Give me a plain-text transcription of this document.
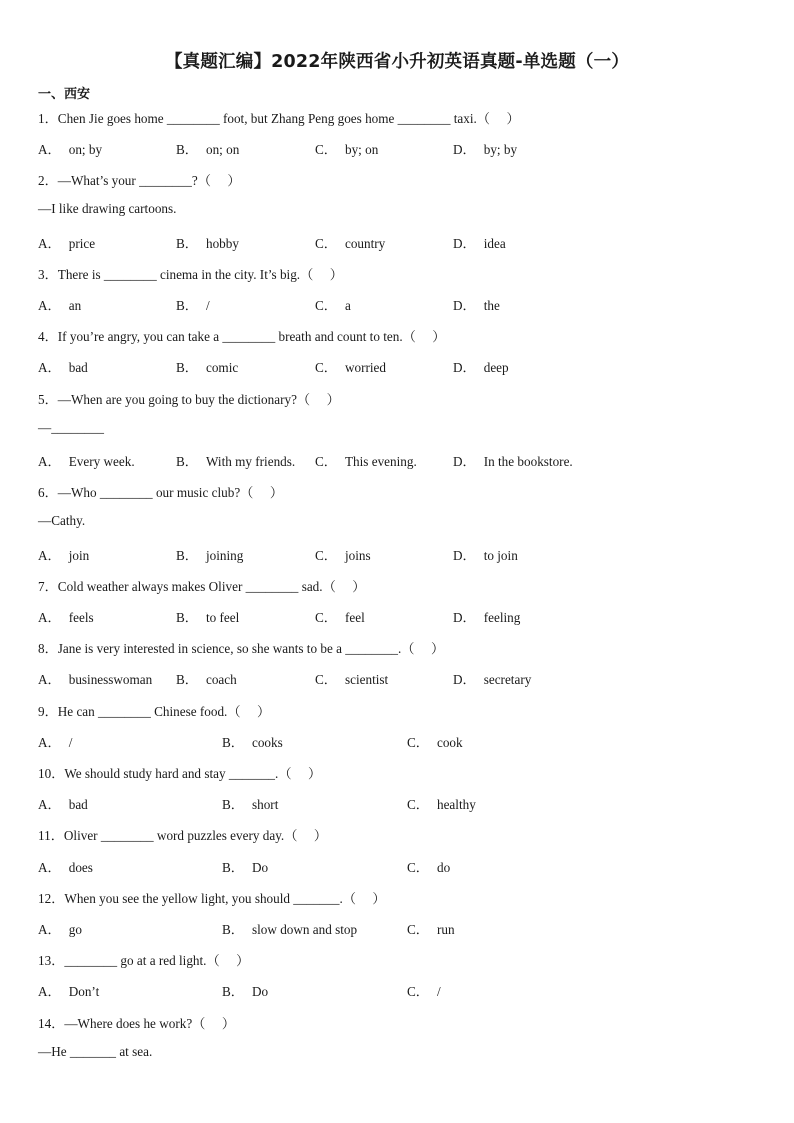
【真题汇编】2022年陕西省小升初英语真题-单选题（一）
一、西安
1．Chen Jie goes home ________ foot, but Zhang Peng goes home ________ taxi.（　 ）
A． on; by	B． on; on	C． by; on	D． by; by
2．—What’s your ________?（　 ）
—I like drawing cartoons.
A． price	B． hobby	C． country	D． idea
3．There is ________ cinema in the city. It’s big.（　 ）
A． an	B． /	C． a	D． the
4．If you’re angry, you can take a ________ breath and count to ten.（　 ）
A． bad	B． comic	C． worried	D． deep
5．—When are you going to buy the dictionary?（　 ）
—________
A． Every week.	B． With my friends. C． This evening.	D． In the bookstore.
6．—Who ________ our music club?（　 ）
—Cathy.
A． join	B． joining	C． joins	D． to join
7．Cold weather always makes Oliver ________ sad.（　 ）
A． feels	B． to feel	C． feel	D． feeling
8．Jane is very interested in science, so she wants to be a ________.（　 ）
A． businesswoman B． coach	C． scientist	D． secretary
9．He can ________ Chinese food.（　 ）
A． /	B． cooks	C． cook
10．We should study hard and stay _______.（　 ）
A． bad	B． short	C． healthy
11．Oliver ________ word puzzles every day.（　 ）
A． does	B． Do	C． do
12．When you see the yellow light, you should _______.（　 ）
A． go	B． slow down and stop	C． run
13．________ go at a red light.（　 ）
A． Don’t	B． Do	C． /
14．—Where does he work?（　 ）
—He _______ at sea.
